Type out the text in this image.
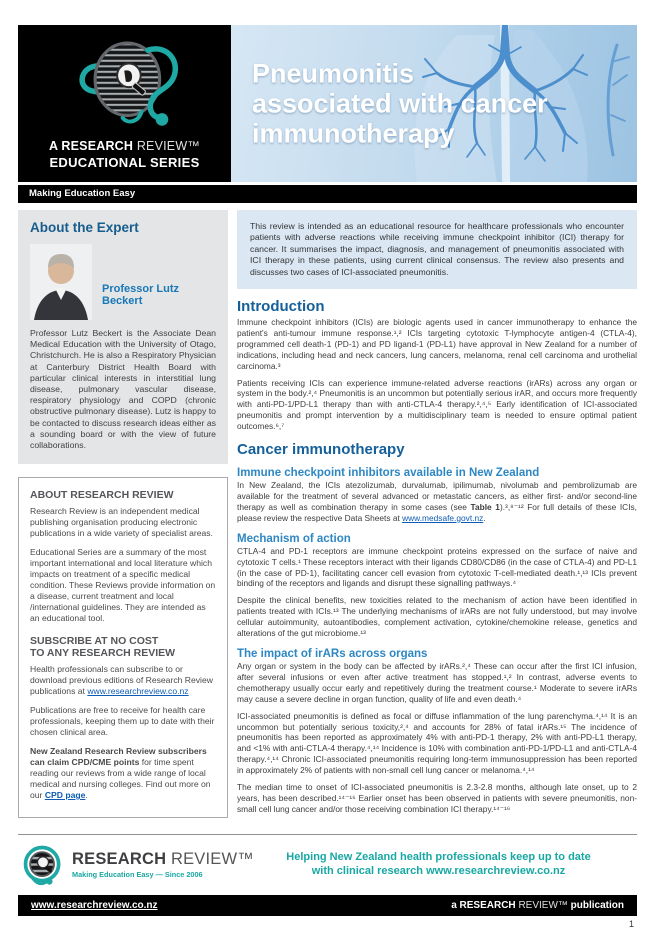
A RESEARCH REVIEW™
EDUCATIONAL SERIES
Pneumonitis
associated with cancer
immunotherapy
Making Education Easy
About the Expert
Professor Lutz Beckert

Professor Lutz Beckert is the Associate Dean Medical Education with the University of Otago, Christchurch. He is also a Respiratory Physician at Canterbury District Health Board with particular clinical interests in interstitial lung disease, pulmonary vascular disease, respiratory physiology and COPD (chronic obstructive pulmonary disease). Lutz is happy to be contacted to discuss research ideas either as a sounding board or with the view of future collaborations.

ABOUT RESEARCH REVIEW

Research Review is an independent medical publishing organisation producing electronic publications in a wide variety of specialist areas.

Educational Series are a summary of the most important international and local literature which impacts on treatment of a specific medical condition. These Reviews provide information on a disease, current treatment and local /international guidelines. They are intended as an educational tool.

SUBSCRIBE AT NO COST
TO ANY RESEARCH REVIEW

Health professionals can subscribe to or download previous editions of Research Review publications at www.researchreview.co.nz

Publications are free to receive for health care professionals, keeping them up to date with their chosen clinical area.

New Zealand Research Review subscribers can claim CPD/CME points for time spent reading our reviews from a wide range of local medical and nursing colleges. Find out more on our CPD page.

This review is intended as an educational resource for healthcare professionals who encounter patients with adverse reactions while receiving immune checkpoint inhibitor (ICI) therapy for cancer. It summarises the impact, diagnosis, and management of pneumonitis associated with ICI therapy in these patients, using current clinical consensus. The review also presents and discusses two cases of ICI-associated pneumonitis.
Introduction

Immune checkpoint inhibitors (ICIs) are biologic agents used in cancer immunotherapy to enhance the patient's anti-tumour immune response.¹,² ICIs targeting cytotoxic T-lymphocyte antigen-4 (CTLA-4), programmed cell death-1 (PD-1) and PD ligand-1 (PD-L1) have approval in New Zealand for a number of indications, including head and neck cancers, lung cancers, melanoma, renal cell carcinoma and urothelial carcinoma.³

Patients receiving ICIs can experience immune-related adverse reactions (irARs) across any organ or system in the body.²,⁴ Pneumonitis is an uncommon but potentially serious irAR, and occurs more frequently with anti-PD-1/PD-L1 therapy than with anti-CTLA-4 therapy.²,⁴,⁵ Early identification of ICI-associated pneumonitis and prompt intervention by a multidisciplinary team is needed to ensure optimal patient outcomes.⁶,⁷

Cancer immunotherapy
Immune checkpoint inhibitors available in New Zealand

In New Zealand, the ICIs atezolizumab, durvalumab, ipilimumab, nivolumab and pembrolizumab are available for the treatment of several advanced or metastatic cancers, as either first- and/or second-line therapy as well as combination therapy in some cases (see Table 1).³,⁸⁻¹² For full details of these ICIs, please review the respective Data Sheets at www.medsafe.govt.nz.

Mechanism of action

CTLA-4 and PD-1 receptors are immune checkpoint proteins expressed on the surface of naive and cytotoxic T cells.¹ These receptors interact with their ligands CD80/CD86 (in the case of CTLA-4) and PD-L1 (in the case of PD-1), facilitating cancer cell evasion from cytotoxic T-cell-mediated death.¹,¹³ ICIs prevent binding of the receptors and ligands and disrupt these signalling pathways.⁴

Despite the clinical benefits, new toxicities related to the mechanism of action have been identified in patients treated with ICIs.¹³ The underlying mechanisms of irARs are not fully understood, but may involve cellular autoimmunity, autoantibodies, complement activation, cytokine/chemokine release, genetics and alterations of the gut microbiome.¹³

The impact of irARs across organs

Any organ or system in the body can be affected by irARs.²,⁴ These can occur after the first ICI infusion, after several infusions or even after active treatment has stopped.¹,² In contrast, adverse events to chemotherapy usually occur early and repetitively during the treatment course.¹ Moderate to severe irARs may cause a severe decline in organ function, quality of life and even death.⁴

ICI-associated pneumonitis is defined as focal or diffuse inflammation of the lung parenchyma.⁴,¹⁴ It is an uncommon but potentially serious toxicity,²,⁴ and accounts for 28% of fatal irARs.¹⁵ The incidence of pneumonitis has been reported as approximately 4% with anti-PD-1 therapy, 2% with anti-PD-L1 therapy, and <1% with anti-CTLA-4 therapy.⁴,¹⁴ Incidence is 10% with combination anti-PD-1/PD-L1 and anti-CTLA-4 therapy.⁴,¹⁴ Chronic ICI-associated pneumonitis requiring long-term immunosuppression has been reported in approximately 2% of patients with non-small cell lung cancer or melanoma.⁴,¹⁴

The median time to onset of ICI-associated pneumonitis is 2.3-2.8 months, although late onset, up to 2 years, has been described.¹⁴⁻¹⁶ Earlier onset has been observed in patients with severe pneumonitis, non-small cell lung cancer and/or those receiving combination ICI therapy.¹⁴⁻¹⁶

RESEARCH REVIEW™
Making Education Easy — Since 2006
Helping New Zealand health professionals keep up to date
with clinical research www.researchreview.co.nz
www.researchreview.co.nz	a RESEARCH REVIEW™ publication
1
